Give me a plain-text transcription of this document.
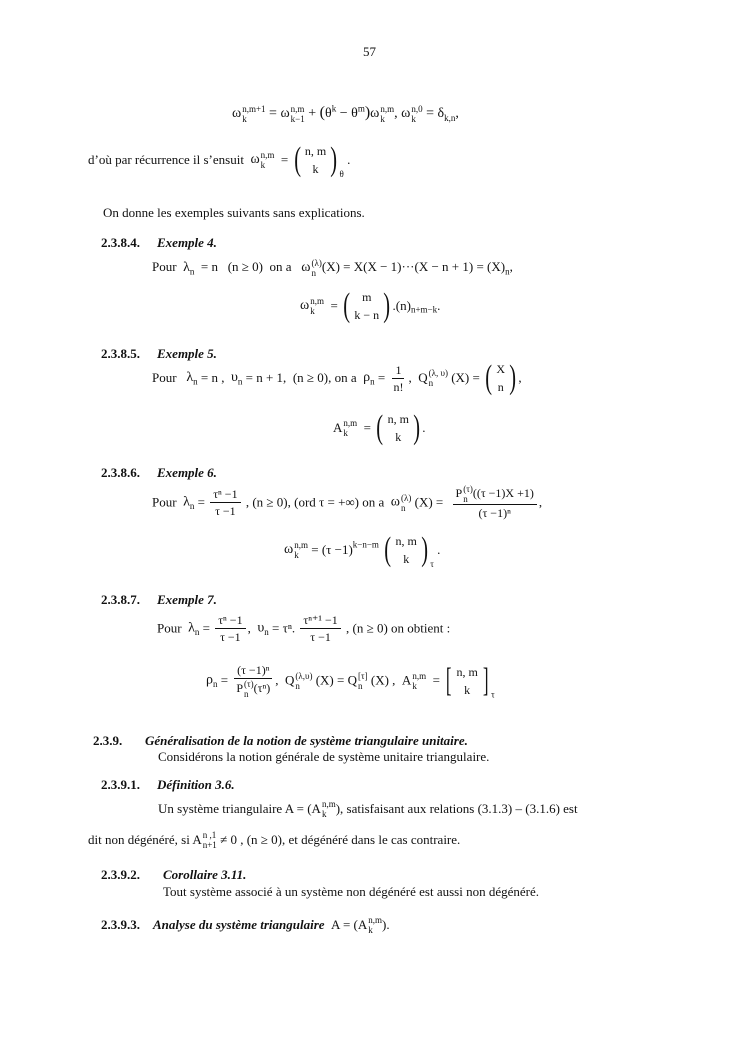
57
ω n,m+1
k	= ω n,m
$k-1 + (\theta^k - \theta^m)\omega$ n,m
k , ω n,0
$k = \delta_{k,n}$,
d’où par récurrence il s’ensuit ω n,m
k = ( n, m
k ) $_\theta$ .
On donne les exemples suivants sans explications.
2.3.8.4. Exemple 4.
Pour $\lambda_n = n$ (n ≥ 0) on a ω (λ)
n $(X) = X(X - 1)\cdot\cdot\cdot(X - n + 1) = (X)_n$,
ω n,m
k = ( m
k − n ) $.(n)_{n+m-k}$.
2.3.8.5. Exemple 5.
Pour $\lambda_n = n$ , $\upsilon_n = n + 1$, (n ≥ 0), on a $\rho_n = \frac{1}{n!}$ ,  Q (λ, υ)
n	(X) = ( X
n ) ,
A n,m
k = ( n, m
k ) .
2.3.8.6. Exemple 6.
Pour $\lambda_n = \frac{\text{τⁿ −1}}{\tau -1}$ , (n ≥ 0), (ord τ = +∞) on a ω (λ)
n (X) = P (τ)
n ((τ −1)X +1)
(τ −1)ⁿ ,
ω n,m
$k = (\tau -1)^{k-n-m}$ ( n, m
k ) $_\tau$ .
2.3.8.7. Exemple 7.
Pour $\lambda_n = \frac{\text{τⁿ −1}}{\tau -1}$ ,  $\upsilon_n = \tau^n$. $\frac{\text{τⁿ⁺¹ −1}}{\tau -1}$ , (n ≥ 0) on obtient :
$\rho_n = (\tau -1)^n$
P (τ)
n (τⁿ) ,  Q (λ,υ)
n	(X) = Q [τ]
n (X) , A n,m
k = [ n, m
k ] $_\tau$
2.3.9. Généralisation de la notion de système triangulaire unitaire.
Considérons la notion générale de système unitaire triangulaire.
2.3.9.1. Définition 3.6.
Un système triangulaire A = (A n,m
k ), satisfaisant aux relations (3.1.3) – (3.1.6) est
dit non dégénéré, si A n ,1
n+1 ≠ 0 , (n ≥ 0), et dégénéré dans le cas contraire.
2.3.9.2. Corollaire 3.11.
Tout système associé à un système non dégénéré est aussi non dégénéré.
2.3.9.3. Analyse du système triangulaire A = (A n,m
k ).
